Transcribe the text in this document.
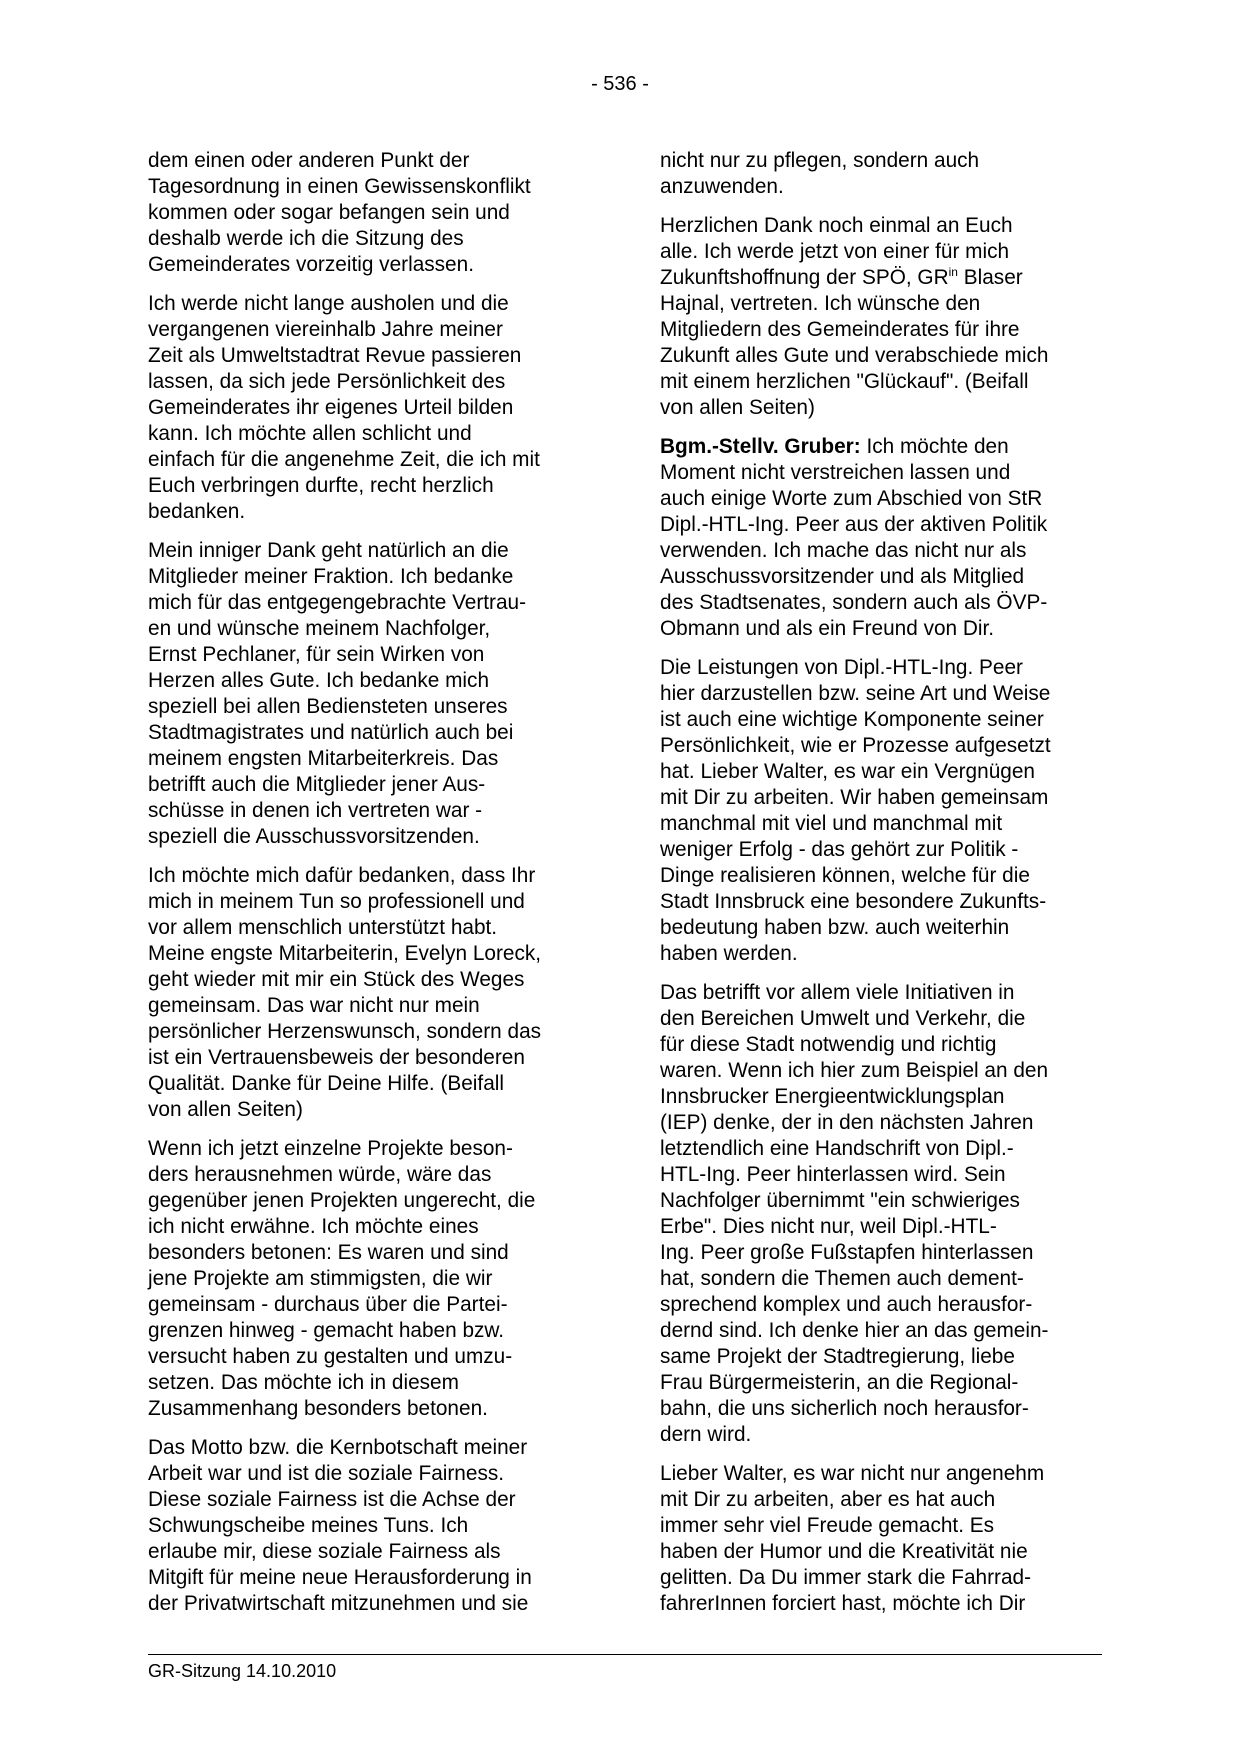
- 536 -

dem einen oder anderen Punkt der
Tagesordnung in einen Gewissenskonflikt
kommen oder sogar befangen sein und
deshalb werde ich die Sitzung des
Gemeinderates vorzeitig verlassen.

Ich werde nicht lange ausholen und die
vergangenen viereinhalb Jahre meiner
Zeit als Umweltstadtrat Revue passieren
lassen, da sich jede Persönlichkeit des
Gemeinderates ihr eigenes Urteil bilden
kann. Ich möchte allen schlicht und
einfach für die angenehme Zeit, die ich mit
Euch verbringen durfte, recht herzlich
bedanken.

Mein inniger Dank geht natürlich an die
Mitglieder meiner Fraktion. Ich bedanke
mich für das entgegengebrachte Vertrau-
en und wünsche meinem Nachfolger,
Ernst Pechlaner, für sein Wirken von
Herzen alles Gute. Ich bedanke mich
speziell bei allen Bediensteten unseres
Stadtmagistrates und natürlich auch bei
meinem engsten Mitarbeiterkreis. Das
betrifft auch die Mitglieder jener Aus-
schüsse in denen ich vertreten war -
speziell die Ausschussvorsitzenden.

Ich möchte mich dafür bedanken, dass Ihr
mich in meinem Tun so professionell und
vor allem menschlich unterstützt habt.
Meine engste Mitarbeiterin, Evelyn Loreck,
geht wieder mit mir ein Stück des Weges
gemeinsam. Das war nicht nur mein
persönlicher Herzenswunsch, sondern das
ist ein Vertrauensbeweis der besonderen
Qualität. Danke für Deine Hilfe. (Beifall
von allen Seiten)

Wenn ich jetzt einzelne Projekte beson-
ders herausnehmen würde, wäre das
gegenüber jenen Projekten ungerecht, die
ich nicht erwähne. Ich möchte eines
besonders betonen: Es waren und sind
jene Projekte am stimmigsten, die wir
gemeinsam - durchaus über die Partei-
grenzen hinweg - gemacht haben bzw.
versucht haben zu gestalten und umzu-
setzen. Das möchte ich in diesem
Zusammenhang besonders betonen.

Das Motto bzw. die Kernbotschaft meiner
Arbeit war und ist die soziale Fairness.
Diese soziale Fairness ist die Achse der
Schwungscheibe meines Tuns. Ich
erlaube mir, diese soziale Fairness als
Mitgift für meine neue Herausforderung in
der Privatwirtschaft mitzunehmen und sie

nicht nur zu pflegen, sondern auch
anzuwenden.

Herzlichen Dank noch einmal an Euch
alle. Ich werde jetzt von einer für mich
Zukunftshoffnung der SPÖ, $GR^{in}$ Blaser
Hajnal, vertreten. Ich wünsche den
Mitgliedern des Gemeinderates für ihre
Zukunft alles Gute und verabschiede mich
mit einem herzlichen "Glückauf". (Beifall
von allen Seiten)

Bgm.-Stellv. Gruber: Ich möchte den
Moment nicht verstreichen lassen und
auch einige Worte zum Abschied von StR
Dipl.-HTL-Ing. Peer aus der aktiven Politik
verwenden. Ich mache das nicht nur als
Ausschussvorsitzender und als Mitglied
des Stadtsenates, sondern auch als ÖVP-
Obmann und als ein Freund von Dir.

Die Leistungen von Dipl.-HTL-Ing. Peer
hier darzustellen bzw. seine Art und Weise
ist auch eine wichtige Komponente seiner
Persönlichkeit, wie er Prozesse aufgesetzt
hat. Lieber Walter, es war ein Vergnügen
mit Dir zu arbeiten. Wir haben gemeinsam
manchmal mit viel und manchmal mit
weniger Erfolg - das gehört zur Politik -
Dinge realisieren können, welche für die
Stadt Innsbruck eine besondere Zukunfts-
bedeutung haben bzw. auch weiterhin
haben werden.

Das betrifft vor allem viele Initiativen in
den Bereichen Umwelt und Verkehr, die
für diese Stadt notwendig und richtig
waren. Wenn ich hier zum Beispiel an den
Innsbrucker Energieentwicklungsplan
(IEP) denke, der in den nächsten Jahren
letztendlich eine Handschrift von Dipl.-
HTL-Ing. Peer hinterlassen wird. Sein
Nachfolger übernimmt "ein schwieriges
Erbe". Dies nicht nur, weil Dipl.-HTL-
Ing. Peer große Fußstapfen hinterlassen
hat, sondern die Themen auch dement-
sprechend komplex und auch herausfor-
dernd sind. Ich denke hier an das gemein-
same Projekt der Stadtregierung, liebe
Frau Bürgermeisterin, an die Regional-
bahn, die uns sicherlich noch herausfor-
dern wird.

Lieber Walter, es war nicht nur angenehm
mit Dir zu arbeiten, aber es hat auch
immer sehr viel Freude gemacht. Es
haben der Humor und die Kreativität nie
gelitten. Da Du immer stark die Fahrrad-
fahrerInnen forciert hast, möchte ich Dir

GR-Sitzung 14.10.2010
